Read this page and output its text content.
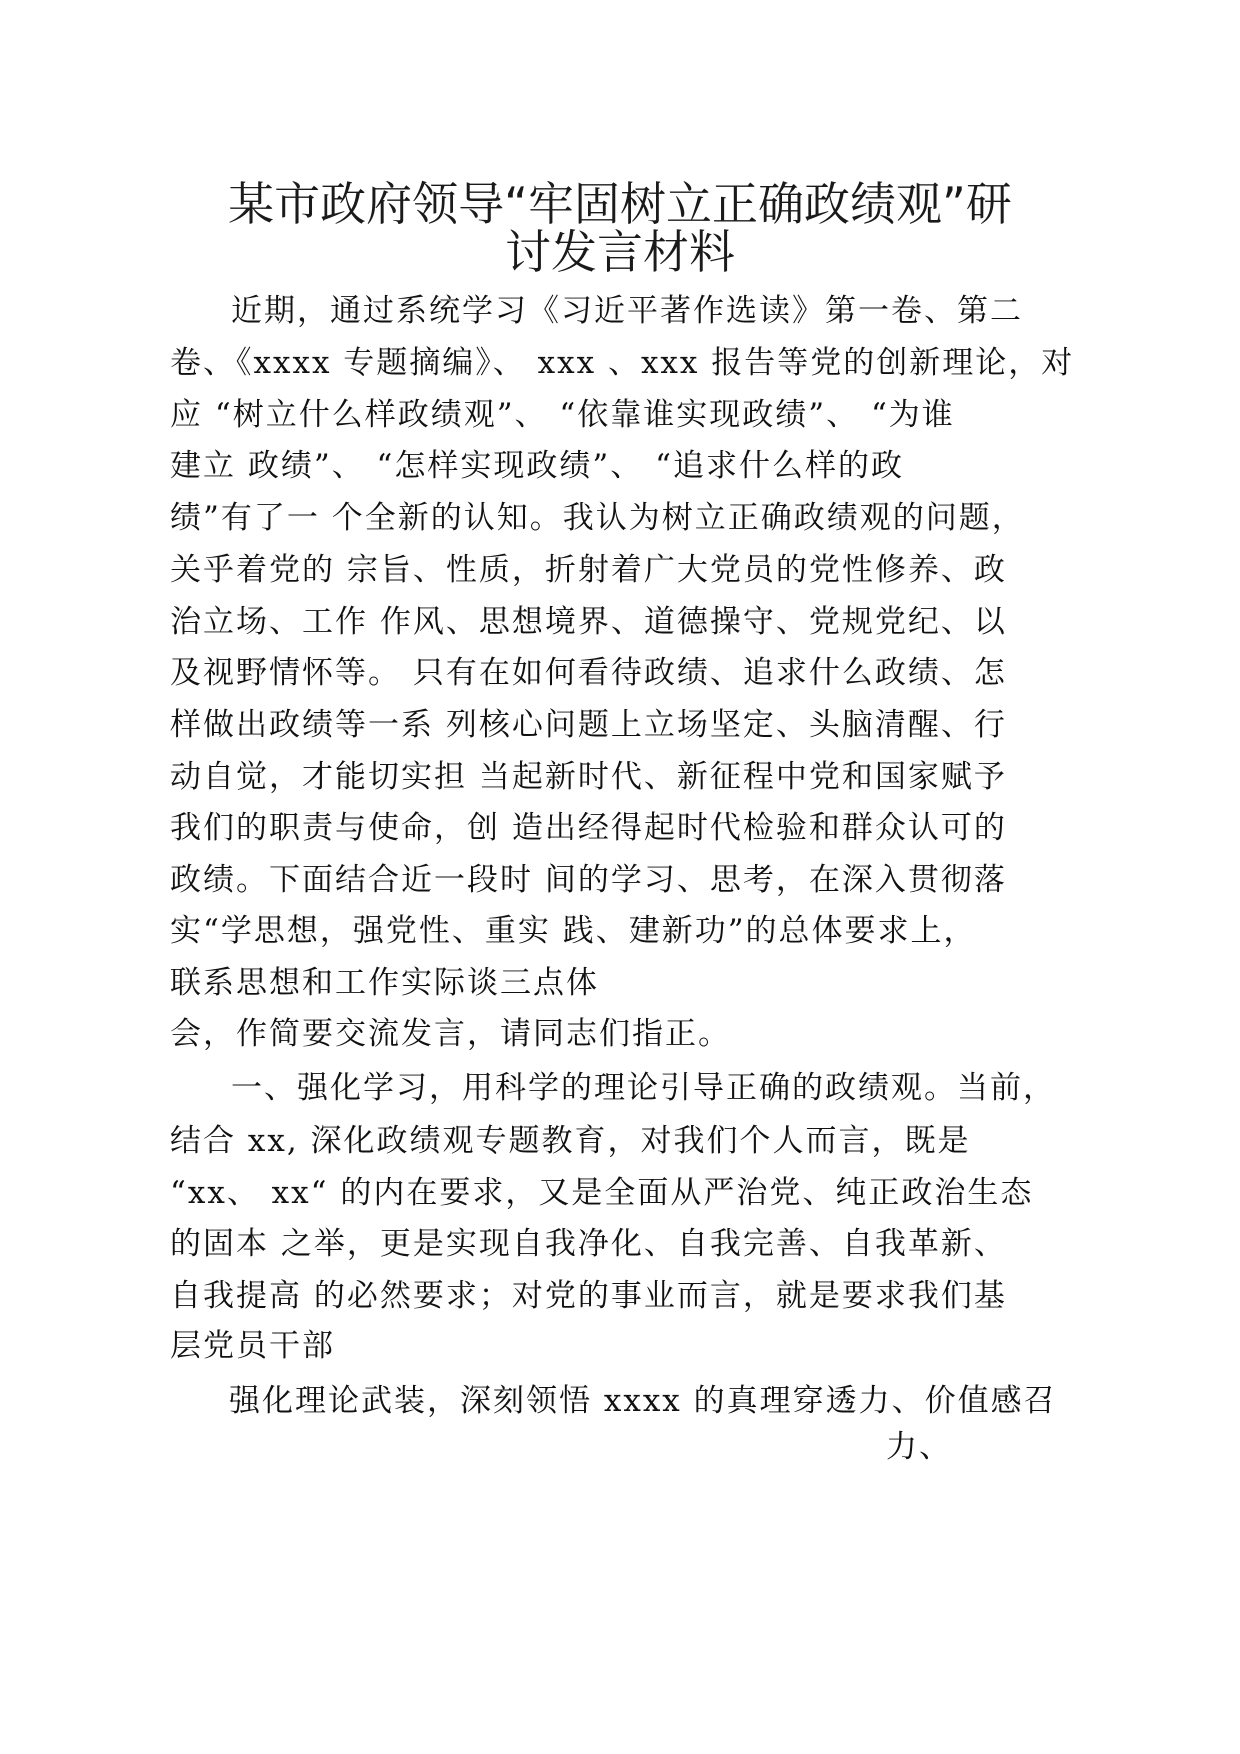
某市政府领导“牢固树立正确政绩观”研
讨发言材料
近期，通过系统学习《习近平著作选读》第一卷、第二
卷、《xxxx 专题摘编》、 xxx 、xxx 报告等党的创新理论，对
应 “树立什么样政绩观”、 “依靠谁实现政绩”、 “为谁
建立 政绩”、 “怎样实现政绩”、 “追求什么样的政
绩”有了一 个全新的认知。我认为树立正确政绩观的问题，
关乎着党的 宗旨、性质，折射着广大党员的党性修养、政
治立场、工作 作风、思想境界、道德操守、党规党纪、以
及视野情怀等。 只有在如何看待政绩、追求什么政绩、怎
样做出政绩等一系 列核心问题上立场坚定、头脑清醒、行
动自觉，才能切实担 当起新时代、新征程中党和国家赋予
我们的职责与使命，创 造出经得起时代检验和群众认可的
政绩。下面结合近一段时 间的学习、思考，在深入贯彻落
实“学思想，强党性、重实 践、建新功”的总体要求上，
联系思想和工作实际谈三点体
会，作简要交流发言，请同志们指正。
一、强化学习，用科学的理论引导正确的政绩观。当前，
结合 xx, 深化政绩观专题教育，对我们个人而言，既是
“xx、 xx“ 的内在要求，又是全面从严治党、纯正政治生态
的固本 之举，更是实现自我净化、自我完善、自我革新、
自我提高 的必然要求；对党的事业而言，就是要求我们基
层党员干部
强化理论武装，深刻领悟 xxxx 的真理穿透力、价值感召
力、
